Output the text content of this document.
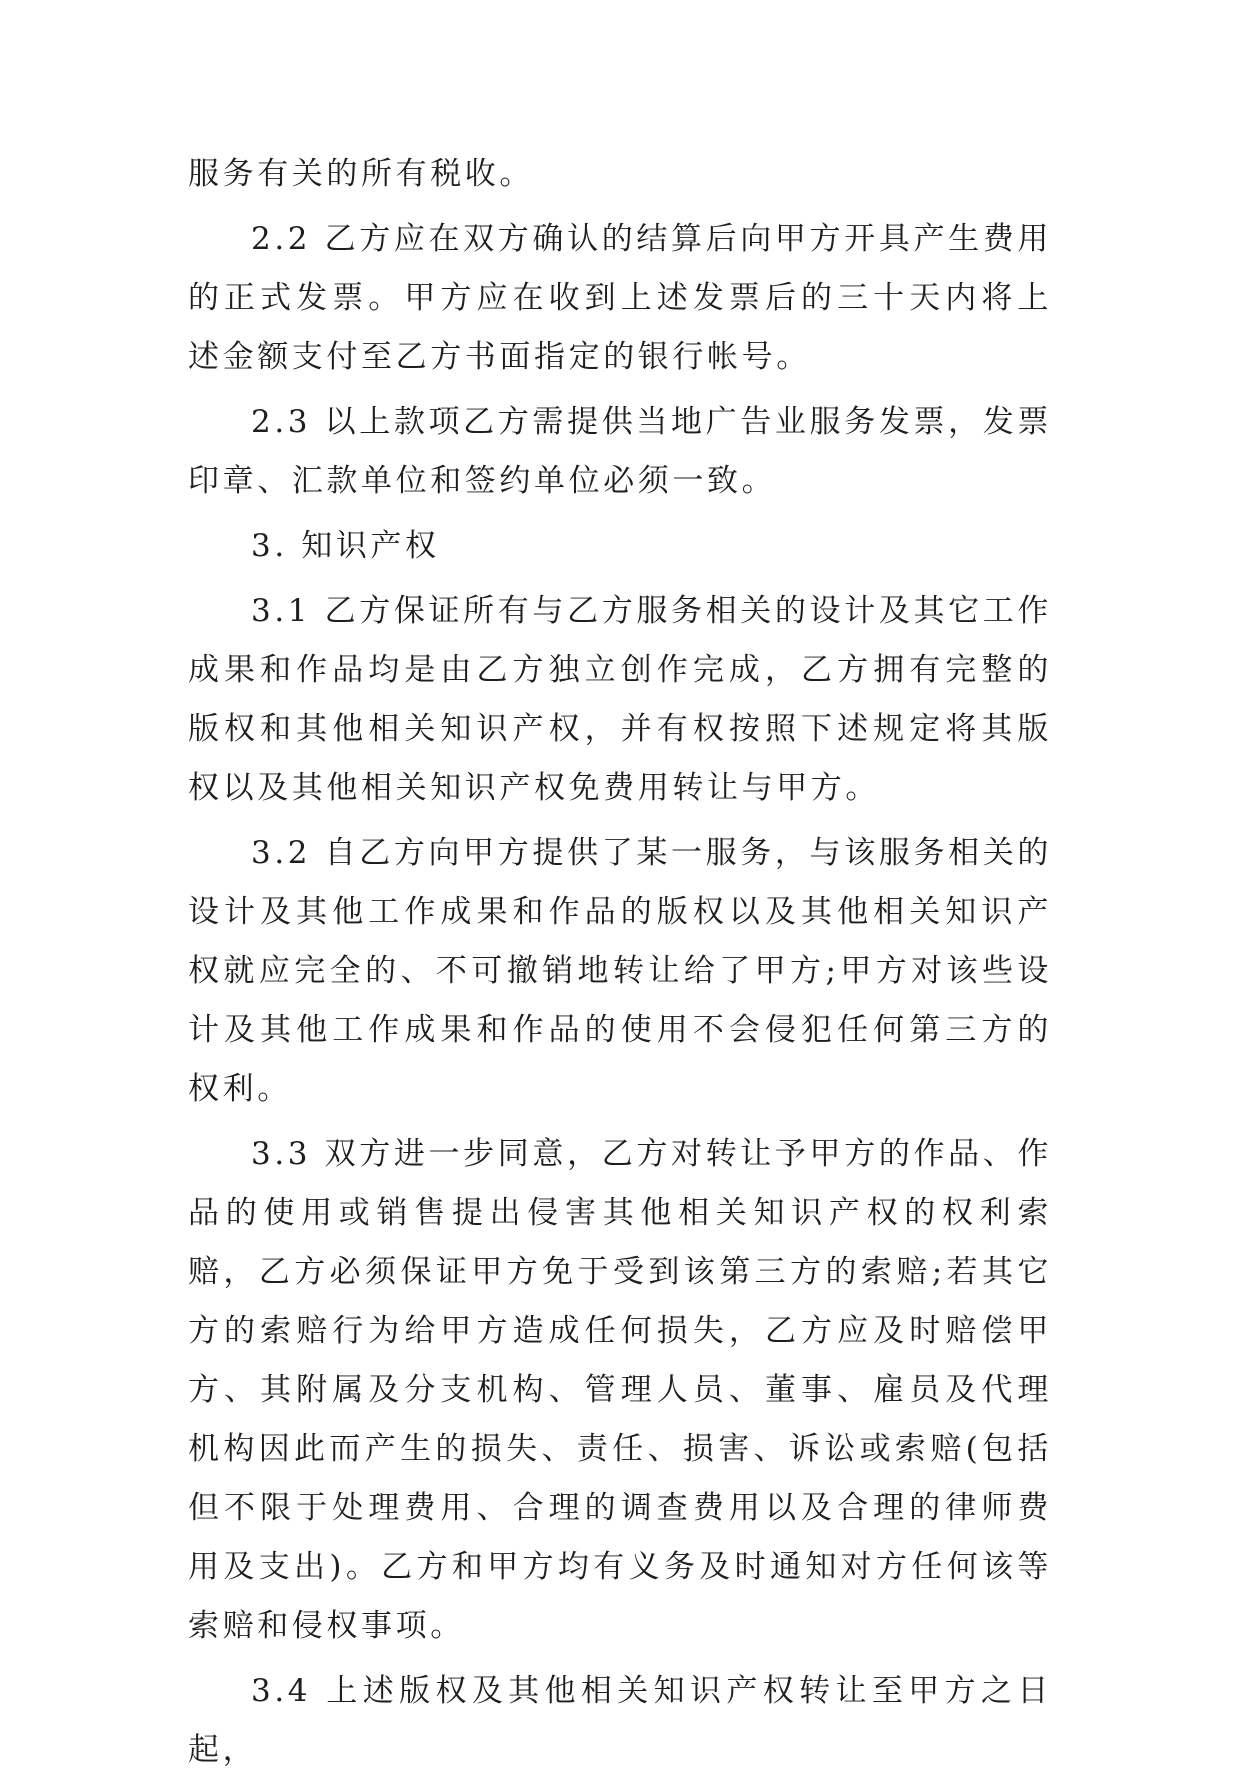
服务有关的所有税收。

2.2 乙方应在双方确认的结算后向甲方开具产生费用的正式发票。甲方应在收到上述发票后的三十天内将上述金额支付至乙方书面指定的银行帐号。

2.3 以上款项乙方需提供当地广告业服务发票，发票印章、汇款单位和签约单位必须一致。

3. 知识产权

3.1 乙方保证所有与乙方服务相关的设计及其它工作成果和作品均是由乙方独立创作完成，乙方拥有完整的版权和其他相关知识产权，并有权按照下述规定将其版权以及其他相关知识产权免费用转让与甲方。

3.2 自乙方向甲方提供了某一服务，与该服务相关的设计及其他工作成果和作品的版权以及其他相关知识产权就应完全的、不可撤销地转让给了甲方;甲方对该些设计及其他工作成果和作品的使用不会侵犯任何第三方的权利。

3.3 双方进一步同意，乙方对转让予甲方的作品、作品的使用或销售提出侵害其他相关知识产权的权利索赔，乙方必须保证甲方免于受到该第三方的索赔;若其它方的索赔行为给甲方造成任何损失，乙方应及时赔偿甲方、其附属及分支机构、管理人员、董事、雇员及代理机构因此而产生的损失、责任、损害、诉讼或索赔(包括但不限于处理费用、合理的调查费用以及合理的律师费用及支出)。乙方和甲方均有义务及时通知对方任何该等索赔和侵权事项。

3.4 上述版权及其他相关知识产权转让至甲方之日起，
